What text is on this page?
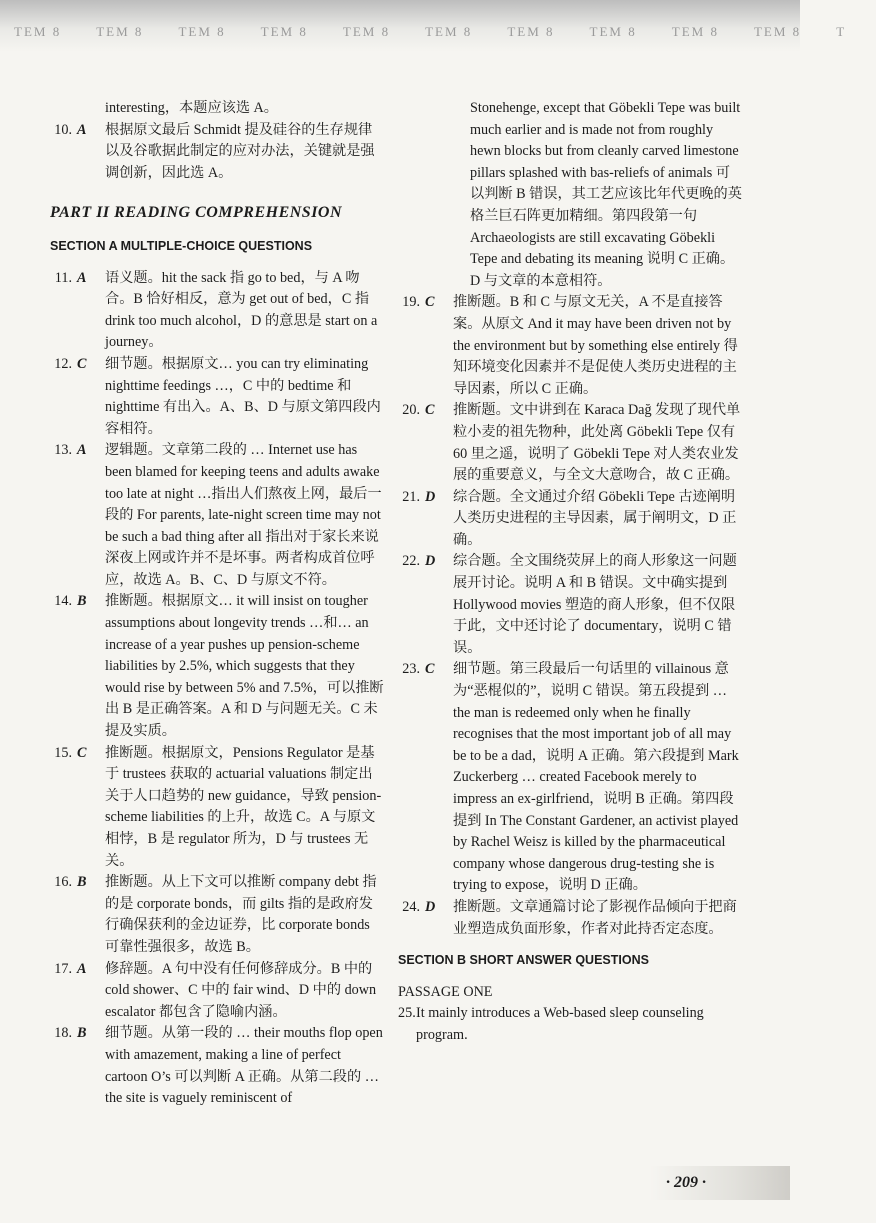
TEM 8	TEM 8	TEM 8	TEM 8	TEM 8	TEM 8	TEM 8	TEM 8	TEM 8	TEM 8	T
interesting，本题应该选 A。
10. A 根据原文最后 Schmidt 提及硅谷的生存规律以及谷歌据此制定的应对办法，关键就是强调创新，因此选 A。
PART II READING COMPREHENSION
SECTION A MULTIPLE-CHOICE QUESTIONS
11. A 语义题。hit the sack 指 go to bed，与 A 吻合。B 恰好相反，意为 get out of bed，C 指 drink too much alcohol，D 的意思是 start on a journey。
12. C 细节题。根据原文… you can try eliminating nighttime feedings …，C 中的 bedtime 和 nighttime 有出入。A、B、D 与原文第四段内容相符。
13. A 逻辑题。文章第二段的 … Internet use has been blamed for keeping teens and adults awake too late at night …指出人们熬夜上网，最后一段的 For parents, late-night screen time may not be such a bad thing after all 指出对于家长来说深夜上网或许并不是坏事。两者构成首位呼应，故选 A。B、C、D 与原文不符。
14. B 推断题。根据原文… it will insist on tougher assumptions about longevity trends …和… an increase of a year pushes up pension-scheme liabilities by 2.5%, which suggests that they would rise by between 5% and 7.5%，可以推断出 B 是正确答案。A 和 D 与问题无关。C 未提及实质。
15. C 推断题。根据原文，Pensions Regulator 是基于 trustees 获取的 actuarial valuations 制定出关于人口趋势的 new guidance，导致 pension-scheme liabilities 的上升，故选 C。A 与原文相悖，B 是 regulator 所为，D 与 trustees 无关。
16. B 推断题。从上下文可以推断 company debt 指的是 corporate bonds，而 gilts 指的是政府发行确保获利的金边证券，比 corporate bonds 可靠性强很多，故选 B。
17. A 修辞题。A 句中没有任何修辞成分。B 中的 cold shower、C 中的 fair wind、D 中的 down escalator 都包含了隐喻内涵。
18. B 细节题。从第一段的 … their mouths flop open with amazement, making a line of perfect cartoon O’s 可以判断 A 正确。从第二段的 … the site is vaguely reminiscent of
Stonehenge, except that Göbekli Tepe was built much earlier and is made not from roughly hewn blocks but from cleanly carved limestone pillars splashed with bas-reliefs of animals 可以判断 B 错误，其工艺应该比年代更晚的英格兰巨石阵更加精细。第四段第一句 Archaeologists are still excavating Göbekli Tepe and debating its meaning 说明 C 正确。D 与文章的本意相符。
19. C 推断题。B 和 C 与原文无关，A 不是直接答案。从原文 And it may have been driven not by the environment but by something else entirely 得知环境变化因素并不是促使人类历史进程的主导因素，所以 C 正确。
20. C 推断题。文中讲到在 Karaca Dağ 发现了现代单粒小麦的祖先物种，此处离 Göbekli Tepe 仅有 60 里之遥，说明了 Göbekli Tepe 对人类农业发展的重要意义，与全文大意吻合，故 C 正确。
21. D 综合题。全文通过介绍 Göbekli Tepe 古迹阐明人类历史进程的主导因素，属于阐明文，D 正确。
22. D 综合题。全文围绕荧屏上的商人形象这一问题展开讨论。说明 A 和 B 错误。文中确实提到 Hollywood movies 塑造的商人形象，但不仅限于此，文中还讨论了 documentary，说明 C 错误。
23. C 细节题。第三段最后一句话里的 villainous 意为“恶棍似的”，说明 C 错误。第五段提到 … the man is redeemed only when he finally recognises that the most important job of all may be to be a dad，说明 A 正确。第六段提到 Mark Zuckerberg … created Facebook merely to impress an ex-girlfriend，说明 B 正确。第四段提到 In The Constant Gardener, an activist played by Rachel Weisz is killed by the pharmaceutical company whose dangerous drug-testing she is trying to expose，说明 D 正确。
24. D 推断题。文章通篇讨论了影视作品倾向于把商业塑造成负面形象，作者对此持否定态度。
SECTION B SHORT ANSWER QUESTIONS
PASSAGE ONE
25. It mainly introduces a Web-based sleep counseling program.
· 209 ·
